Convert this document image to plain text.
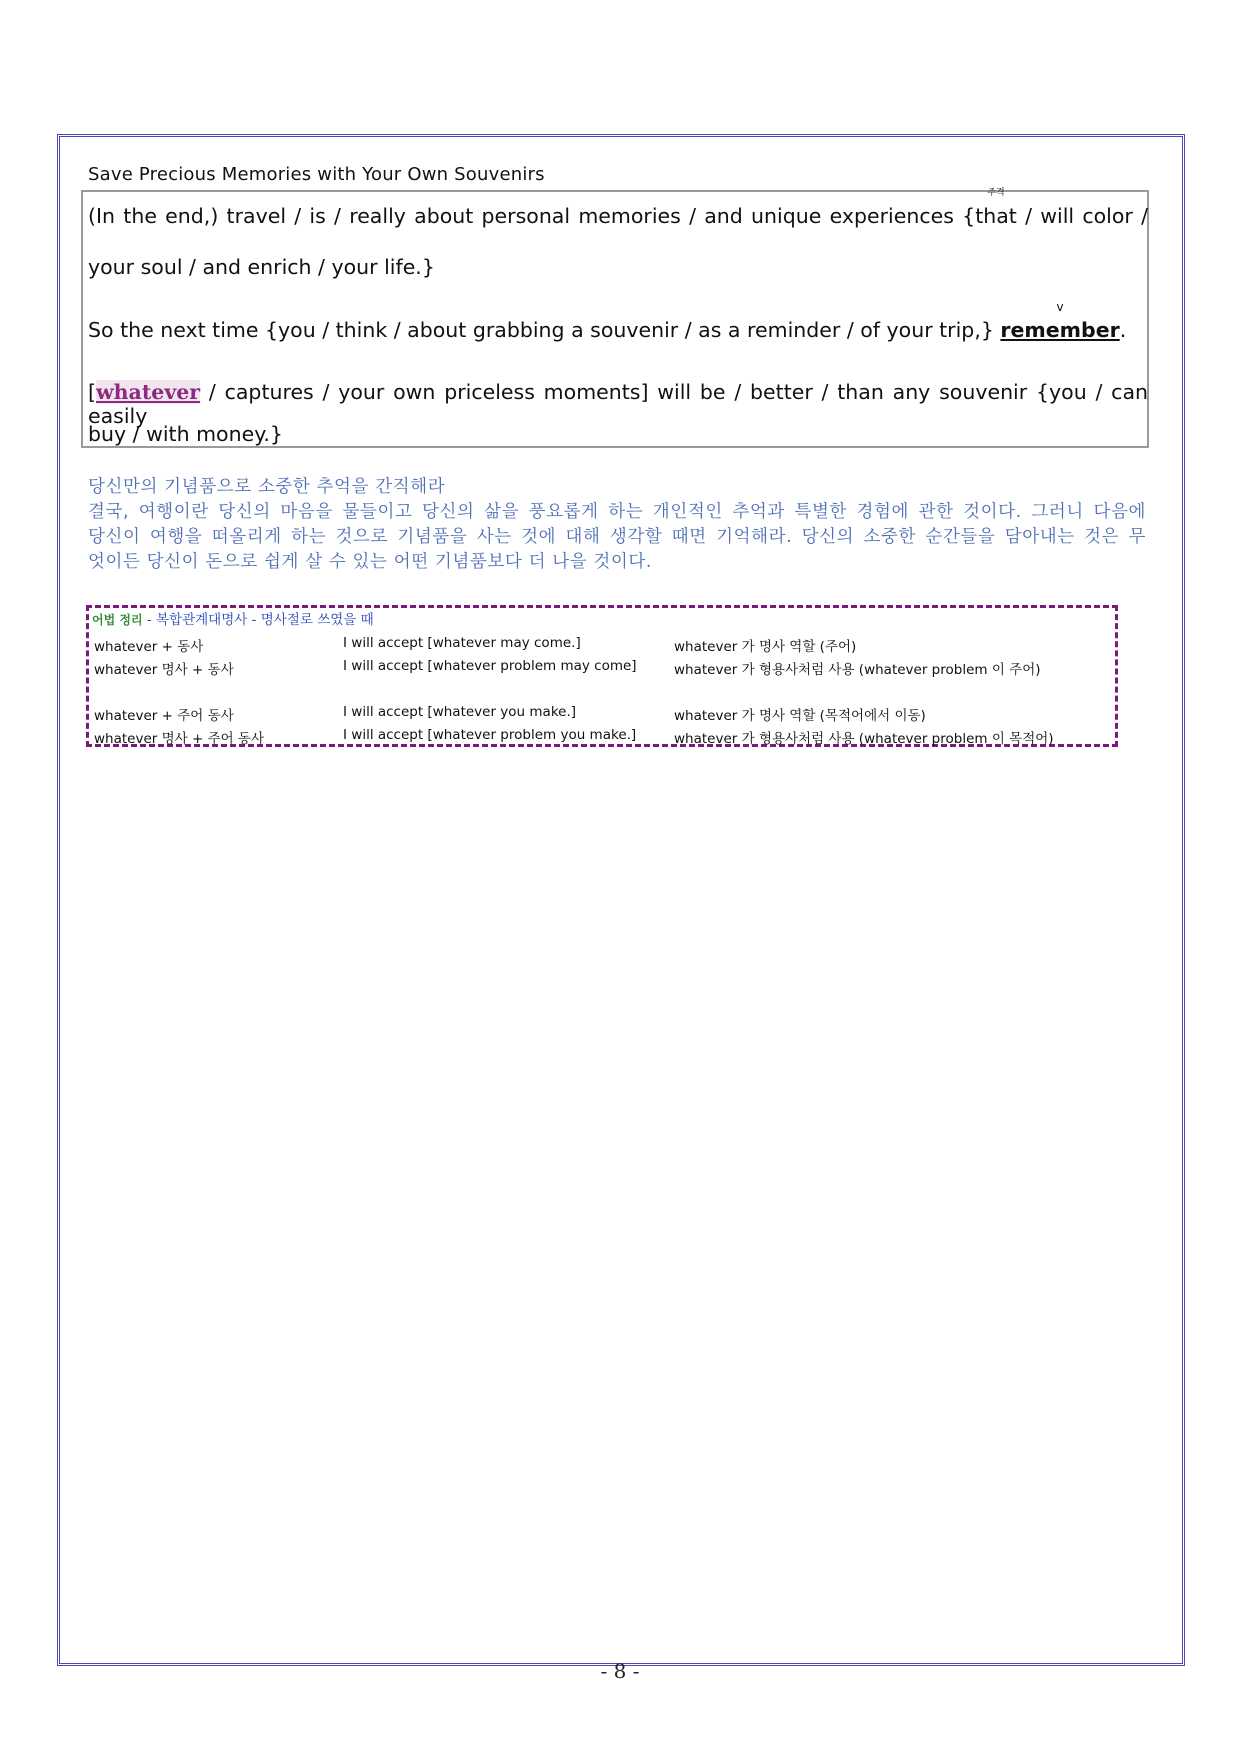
Save Precious Memories with Your Own Souvenirs
(In the end,) travel / is / really about personal memories / and unique experiences {
주격
that / will color /
your soul / and enrich / your life.}
So the next time {you / think / about grabbing a souvenir / as a reminder / of your trip,}
v
remember.
[whatever / captures / your own priceless moments] will be / better / than any souvenir {you / can easily
buy / with money.}
당신만의 기념품으로 소중한 추억을 간직해라
결국, 여행이란 당신의 마음을 물들이고 당신의 삶을 풍요롭게 하는 개인적인 추억과 특별한 경험에 관한 것이다. 그러니 다음에
당신이 여행을 떠올리게 하는 것으로 기념품을 사는 것에 대해 생각할 때면 기억해라. 당신의 소중한 순간들을 담아내는 것은 무
엇이든 당신이 돈으로 쉽게 살 수 있는 어떤 기념품보다 더 나을 것이다.
어법 정리 - 복합관계대명사 - 명사절로 쓰였을 때
whatever + 동사	I will accept [whatever may come.]	whatever 가 명사 역할 (주어)
whatever 명사 + 동사	I will accept [whatever problem may come]	whatever 가 형용사처럼 사용 (whatever problem 이 주어)
whatever + 주어 동사	I will accept [whatever you make.]	whatever 가 명사 역할 (목적어에서 이동)
whatever 명사 + 주어 동사	I will accept [whatever problem you make.]	whatever 가 형용사처럼 사용 (whatever problem 이 목적어)
- 8 -
